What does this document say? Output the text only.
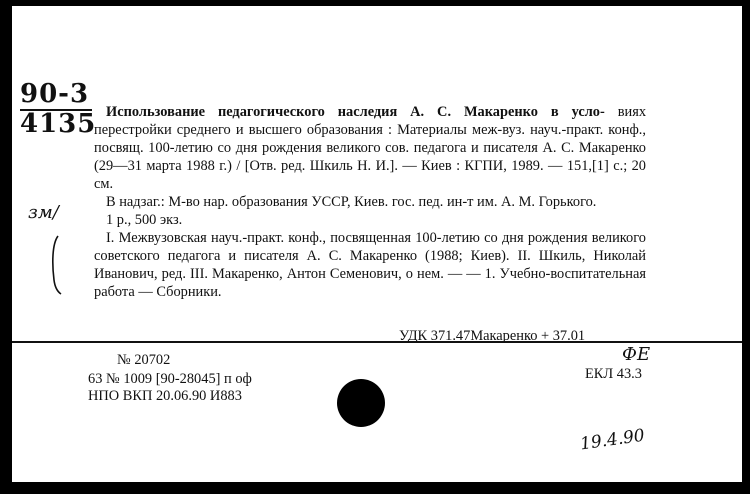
90-3
4135
зм/

Использование педагогического наследия А. С. Макаренко в усло- виях перестройки среднего и высшего образования : Материалы меж-вуз. науч.-практ. конф., посвящ. 100-летию со дня рождения великого сов. педагога и писателя А. С. Макаренко (29—31 марта 1988 г.) / [Отв. ред. Шкиль Н. И.]. — Киев : КГПИ, 1989. — 151,[1] с.; 20 см.

В надзаг.: М-во нар. образования УССР, Киев. гос. пед. ин-т им. А. М. Горького.

1 р., 500 экз.

I. Межвузовская науч.-практ. конф., посвященная 100-летию со дня рождения великого советского педагога и писателя А. С. Макаренко (1988; Киев). II. Шкиль, Николай Иванович, ред. III. Макаренко, Антон Семенович, о нем. — — 1. Учебно-воспитательная работа — Сборники.

УДК 371.47Макаренко + 37.01
ФЕ
ЕКЛ 43.3
№ 20702
63 № 1009 [90-28045] п оф
НПО ВКП 20.06.90 И883
19.4.90
